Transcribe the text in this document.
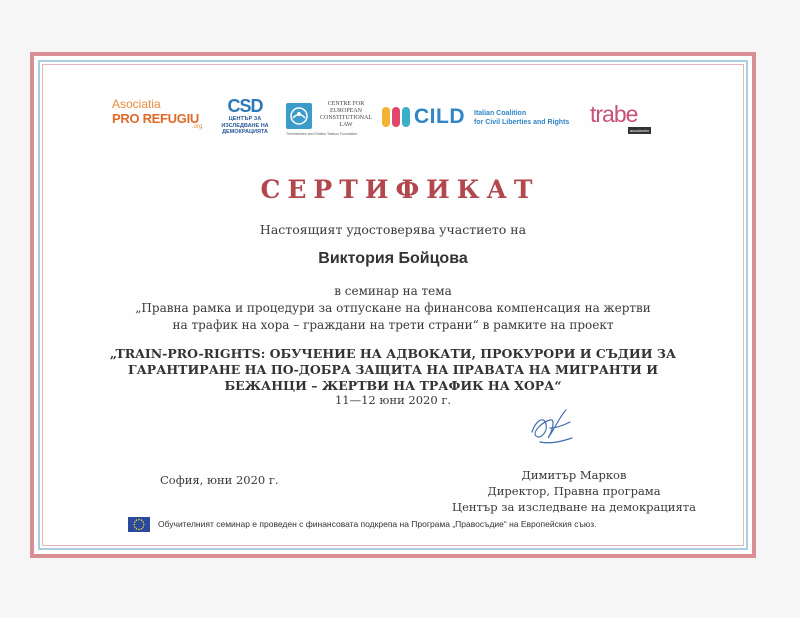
Asociatia
PRO REFUGIU
.org
CSD
ЦЕНТЪР ЗА
ИЗСЛЕДВАНЕ НА
ДЕМОКРАЦИЯТА
CENTRE FOR
EUROPEAN
CONSTITUTIONAL
LAW
Themistokles and Dimitris Tsatsos Foundation
CILD Italian Coalition
for Civil Liberties and Rights trabe
asociación
СЕРТИФИКАТ
Настоящият удостоверява участието на
Виктория Бойцова
в семинар на тема
„Правна рамка и процедури за отпускане на финансова компенсация на жертви
на трафик на хора – граждани на трети страни“ в рамките на проект
„TRAIN-PRO-RIGHTS: ОБУЧЕНИЕ НА АДВОКАТИ, ПРОКУРОРИ И СЪДИИ ЗА
ГАРАНТИРАНЕ НА ПО-ДОБРА ЗАЩИТА НА ПРАВАТА НА МИГРАНТИ И
БЕЖАНЦИ – ЖЕРТВИ НА ТРАФИК НА ХОРА“
11—12 юни 2020 г.
София, юни 2020 г.	Димитър Марков
Директор, Правна програма
Център за изследване на демокрацията
Обучителният семинар е проведен с финансовата подкрепа на Програма „Правосъдие“ на Европейския съюз.
